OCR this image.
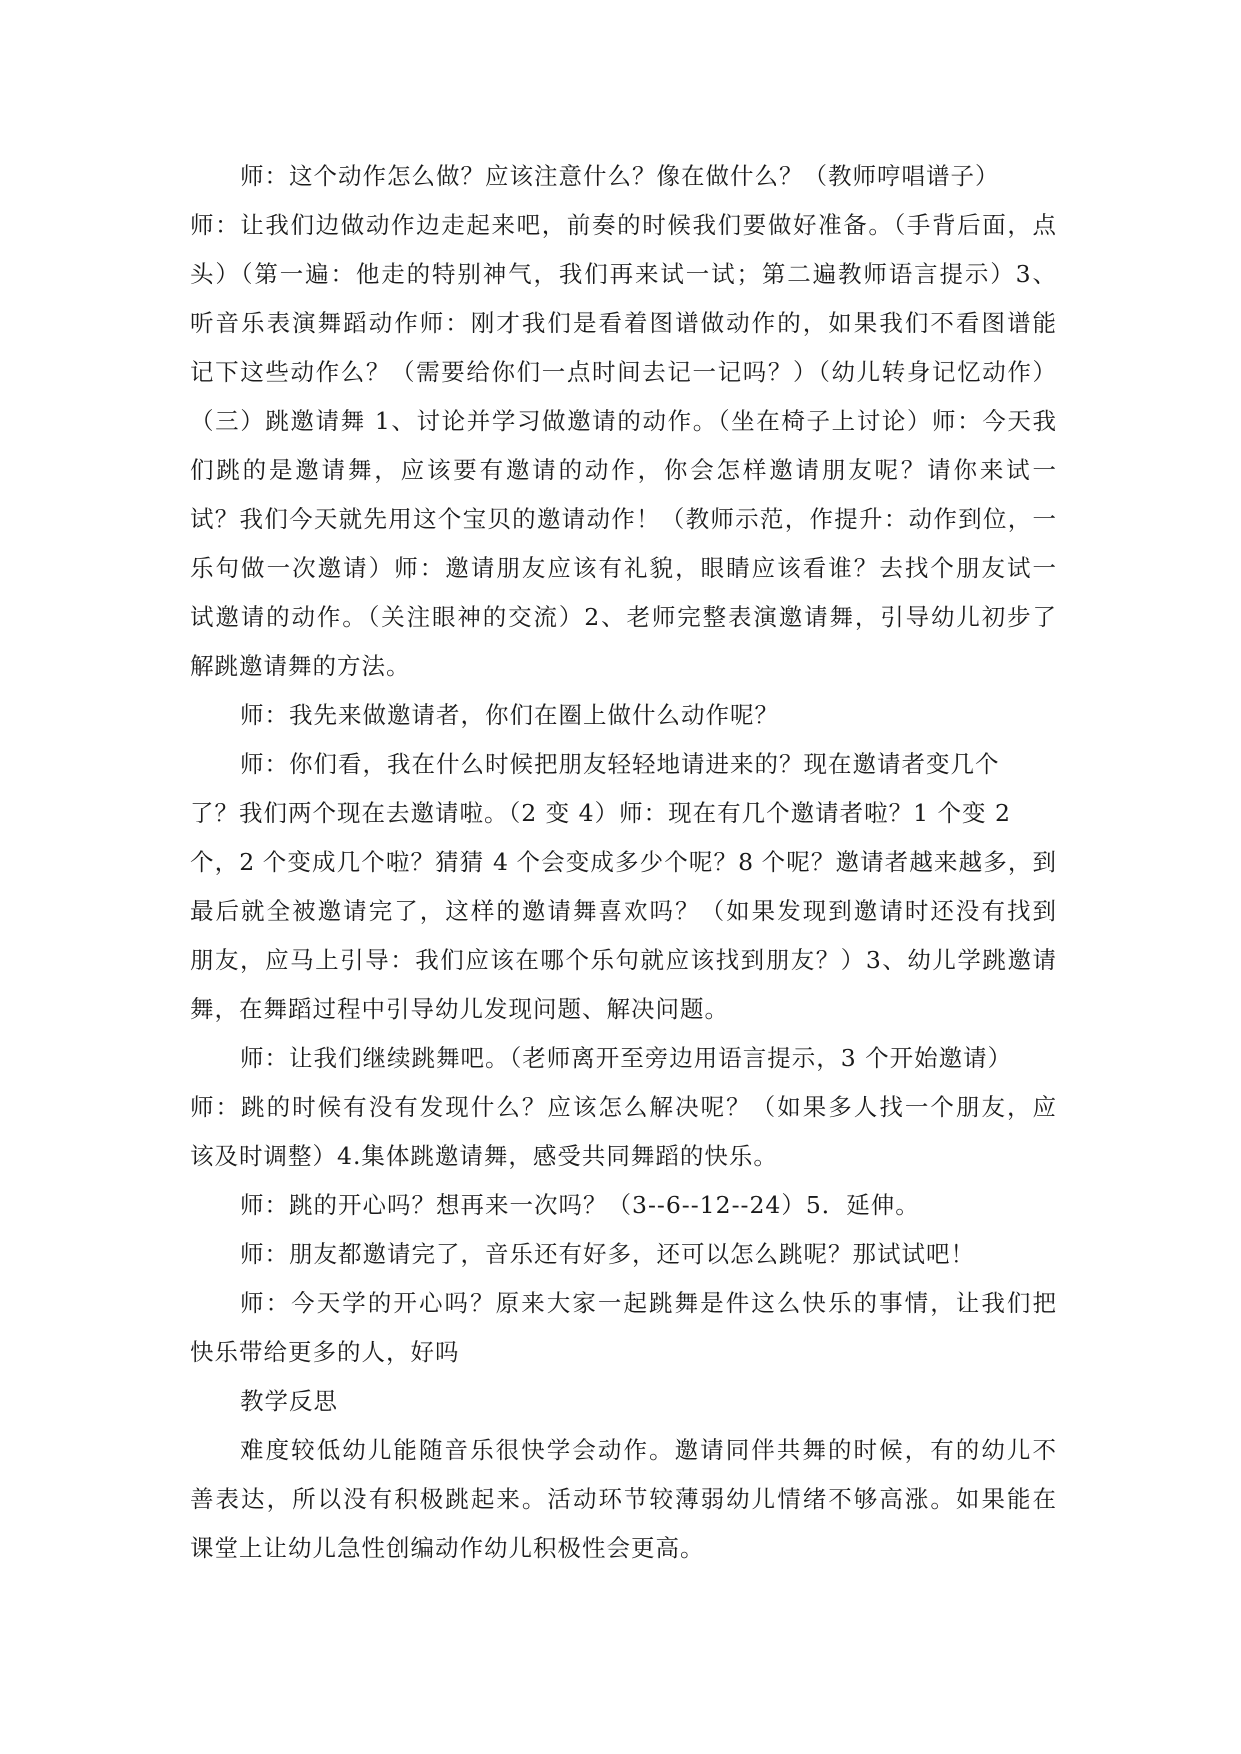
师：这个动作怎么做？应该注意什么？像在做什么？（教师哼唱谱子）
师：让我们边做动作边走起来吧，前奏的时候我们要做好准备。（手背后面，点
头）（第一遍：他走的特别神气，我们再来试一试；第二遍教师语言提示）3、
听音乐表演舞蹈动作师：刚才我们是看着图谱做动作的，如果我们不看图谱能
记下这些动作么？（需要给你们一点时间去记一记吗？）（幼儿转身记忆动作）
（三）跳邀请舞 1、讨论并学习做邀请的动作。（坐在椅子上讨论）师：今天我
们跳的是邀请舞，应该要有邀请的动作，你会怎样邀请朋友呢？请你来试一
试？我们今天就先用这个宝贝的邀请动作！（教师示范，作提升：动作到位，一
乐句做一次邀请）师：邀请朋友应该有礼貌，眼睛应该看谁？去找个朋友试一
试邀请的动作。（关注眼神的交流）2、老师完整表演邀请舞，引导幼儿初步了
解跳邀请舞的方法。
师：我先来做邀请者，你们在圈上做什么动作呢？
师：你们看，我在什么时候把朋友轻轻地请进来的？现在邀请者变几个
了？我们两个现在去邀请啦。（2 变 4）师：现在有几个邀请者啦？1 个变 2
个，2 个变成几个啦？猜猜 4 个会变成多少个呢？8 个呢？邀请者越来越多，到
最后就全被邀请完了，这样的邀请舞喜欢吗？（如果发现到邀请时还没有找到
朋友，应马上引导：我们应该在哪个乐句就应该找到朋友？）3、幼儿学跳邀请
舞，在舞蹈过程中引导幼儿发现问题、解决问题。
师：让我们继续跳舞吧。（老师离开至旁边用语言提示，3 个开始邀请）
师：跳的时候有没有发现什么？应该怎么解决呢？（如果多人找一个朋友，应
该及时调整）4.集体跳邀请舞，感受共同舞蹈的快乐。
师：跳的开心吗？想再来一次吗？（3--6--12--24）5．延伸。
师：朋友都邀请完了，音乐还有好多，还可以怎么跳呢？那试试吧！
师：今天学的开心吗？原来大家一起跳舞是件这么快乐的事情，让我们把
快乐带给更多的人，好吗
教学反思
难度较低幼儿能随音乐很快学会动作。邀请同伴共舞的时候，有的幼儿不
善表达，所以没有积极跳起来。活动环节较薄弱幼儿情绪不够高涨。如果能在
课堂上让幼儿急性创编动作幼儿积极性会更高。
